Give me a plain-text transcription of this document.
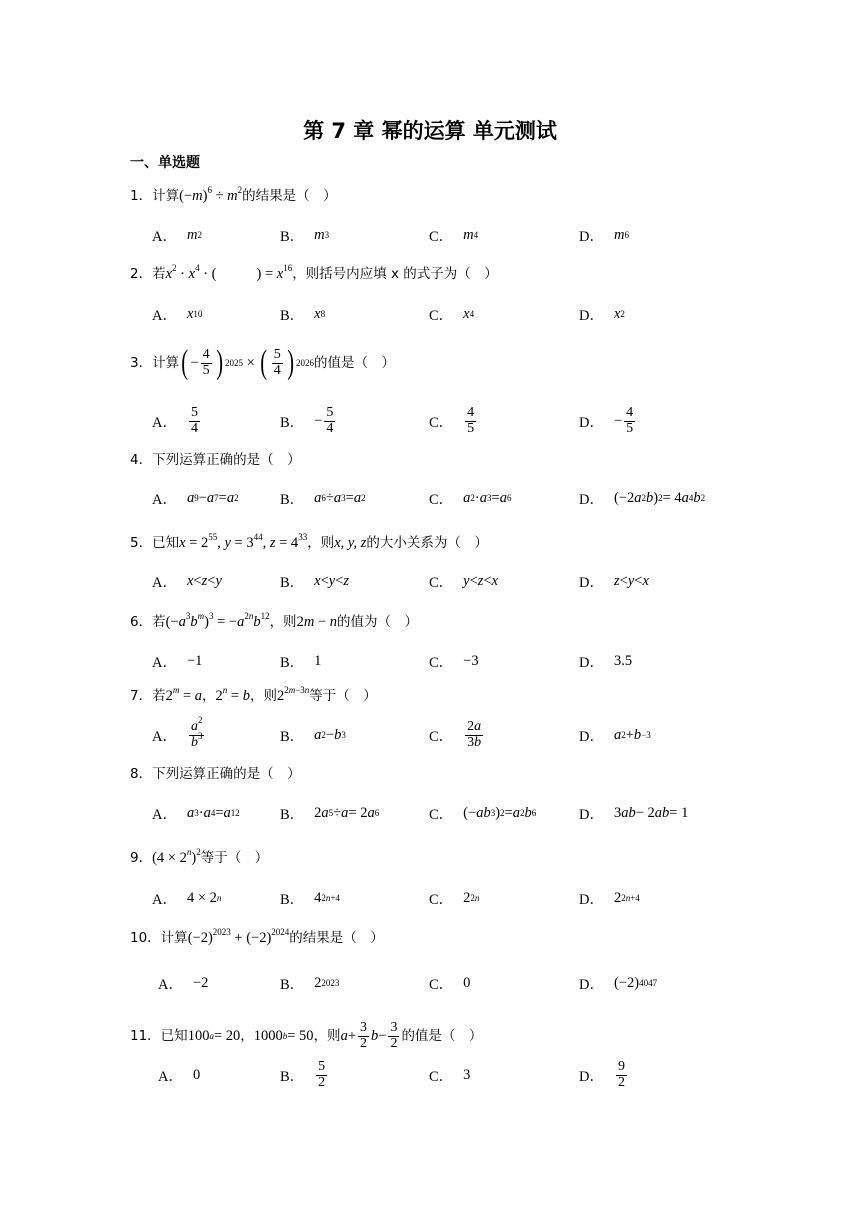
第 7 章 幂的运算 单元测试
一、单选题
1．计算$(-m)^6 \div m^2$的结果是（　）
A． m 2	B． m 3	C． m 4	D． m 6
2．若$x^2 \cdot x^4$ · (	) = $x^{16}$，则括号内应填 x 的式子为（　）
A． x 10	B． x 8	C． x 4	D． x 2
3．计算 ( − $\frac{4}{5}$ ) 2025 × ( $\frac{5}{4}$ ) 2026 的值是（　）
A． $\frac{5}{4}$	B． − $\frac{5}{4}$	C． $\frac{4}{5}$	D． − $\frac{4}{5}$
4．下列运算正确的是（　）
A． a 9 − a 7 = a 2	B． a 6 ÷ a 3 = a 2	C． a 2 · a 3 = a 6	D． (−2 a 2 b ) 2 = 4 a 4 b 2
5．已知$x = 2^{55}$, $y = 3^{44}$, $z = 4^{33}$，则x, y, z的大小关系为（　）
A． x < z < y	B． x < y < z	C． y < z < x	D． z < y < x
6．若$(-a^3b^m)^3 = -a^{2n}b^{12}$，则2m − n的值为（　）
A． −1	B． 1	C． −3	D． 3.5
7．若$2^m = a$，$2^n = b$，则$2^{2m-3n}$等于（　）
A． $\frac{a^2}{b^3}$	B． a 2 − b 3	C． $\frac{2a}{3b}$	D． a 2 + b −3
8．下列运算正确的是（　）
A． a 3 · a 4 = a 12	B． 2 a 5 ÷ a = 2 a 6	C． (− ab 3 ) 2 = a 2 b 6	D． 3 ab − 2 ab = 1
9．$(4 \times 2^n)^2$等于（　）
A． 4 × 2 n	B． 4 2n+4	C． 2 2n	D． 2 2n+4
10．计算$(-2)^{2023} + (-2)^{2024}$的结果是（　）
A． −2	B． 2 2023	C． 0	D． (−2) 4047
11．已知 100 a = 20 ， 1000 b = 50 ，则 $a + \frac{3}{2}$ $b - \frac{3}{2}$ 的值是（　）
A． 0	B． $\frac{5}{2}$	C． 3	D． $\frac{9}{2}$
